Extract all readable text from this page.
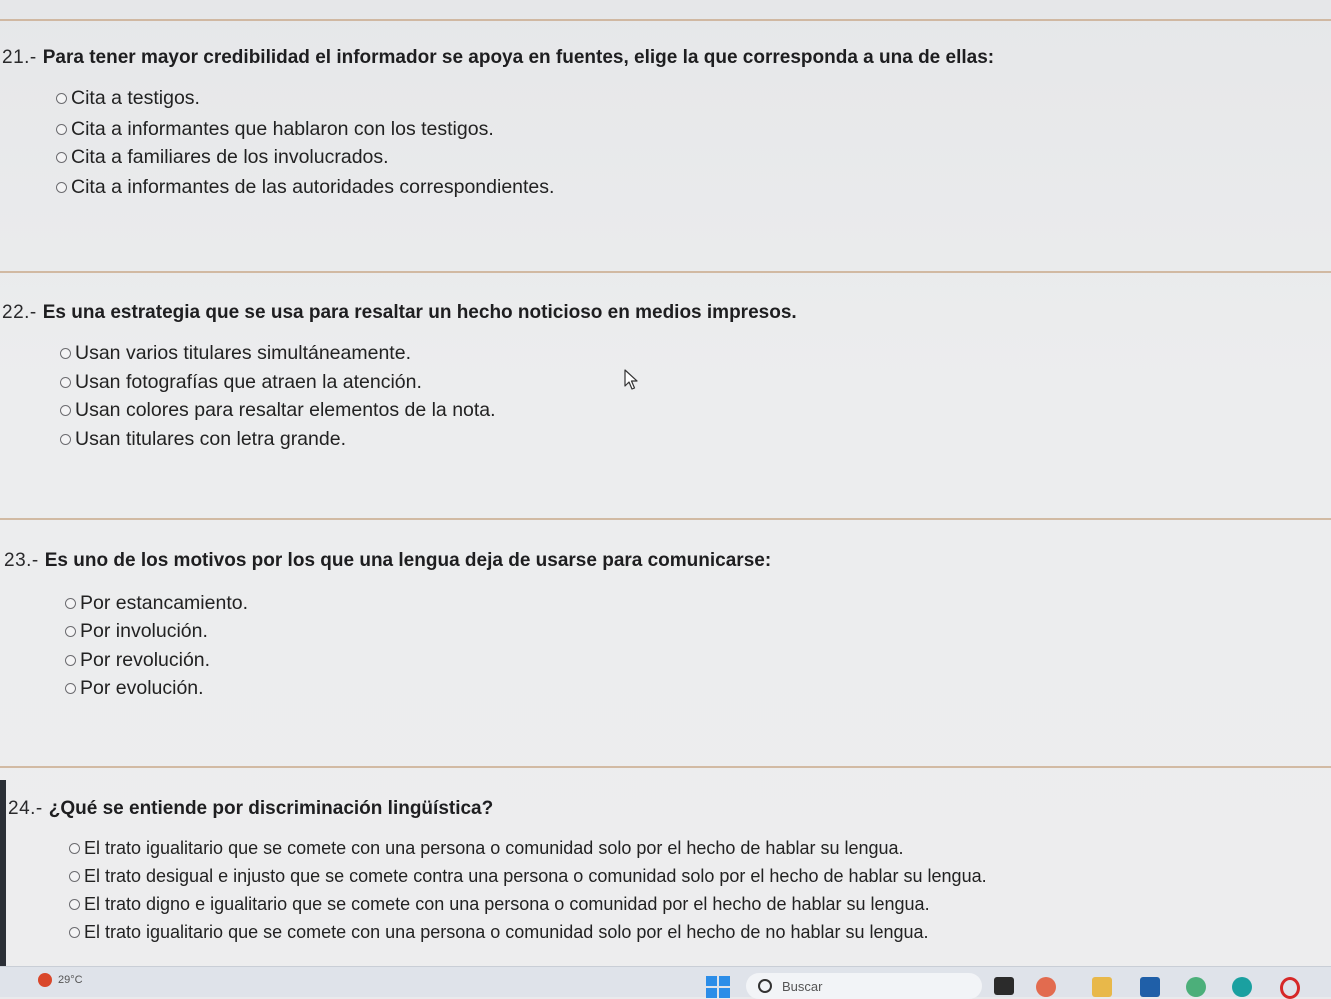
21.- Para tener mayor credibilidad el informador se apoya en fuentes, elige la que corresponda a una de ellas:
Cita a testigos.
Cita a informantes que hablaron con los testigos.
Cita a familiares de los involucrados.
Cita a informantes de las autoridades correspondientes.
22.- Es una estrategia que se usa para resaltar un hecho noticioso en medios impresos.
Usan varios titulares simultáneamente.
Usan fotografías que atraen la atención.
Usan colores para resaltar elementos de la nota.
Usan titulares con letra grande.
23.- Es uno de los motivos por los que una lengua deja de usarse para comunicarse:
Por estancamiento.
Por involución.
Por revolución.
Por evolución.
24.- ¿Qué se entiende por discriminación lingüística?
El trato igualitario que se comete con una persona o comunidad solo por el hecho de hablar su lengua.
El trato desigual e injusto que se comete contra una persona o comunidad solo por el hecho de hablar su lengua.
El trato digno e igualitario que se comete con una persona o comunidad por el hecho de hablar su lengua.
El trato igualitario que se comete con una persona o comunidad solo por el hecho de no hablar su lengua.
29°C	Buscar
